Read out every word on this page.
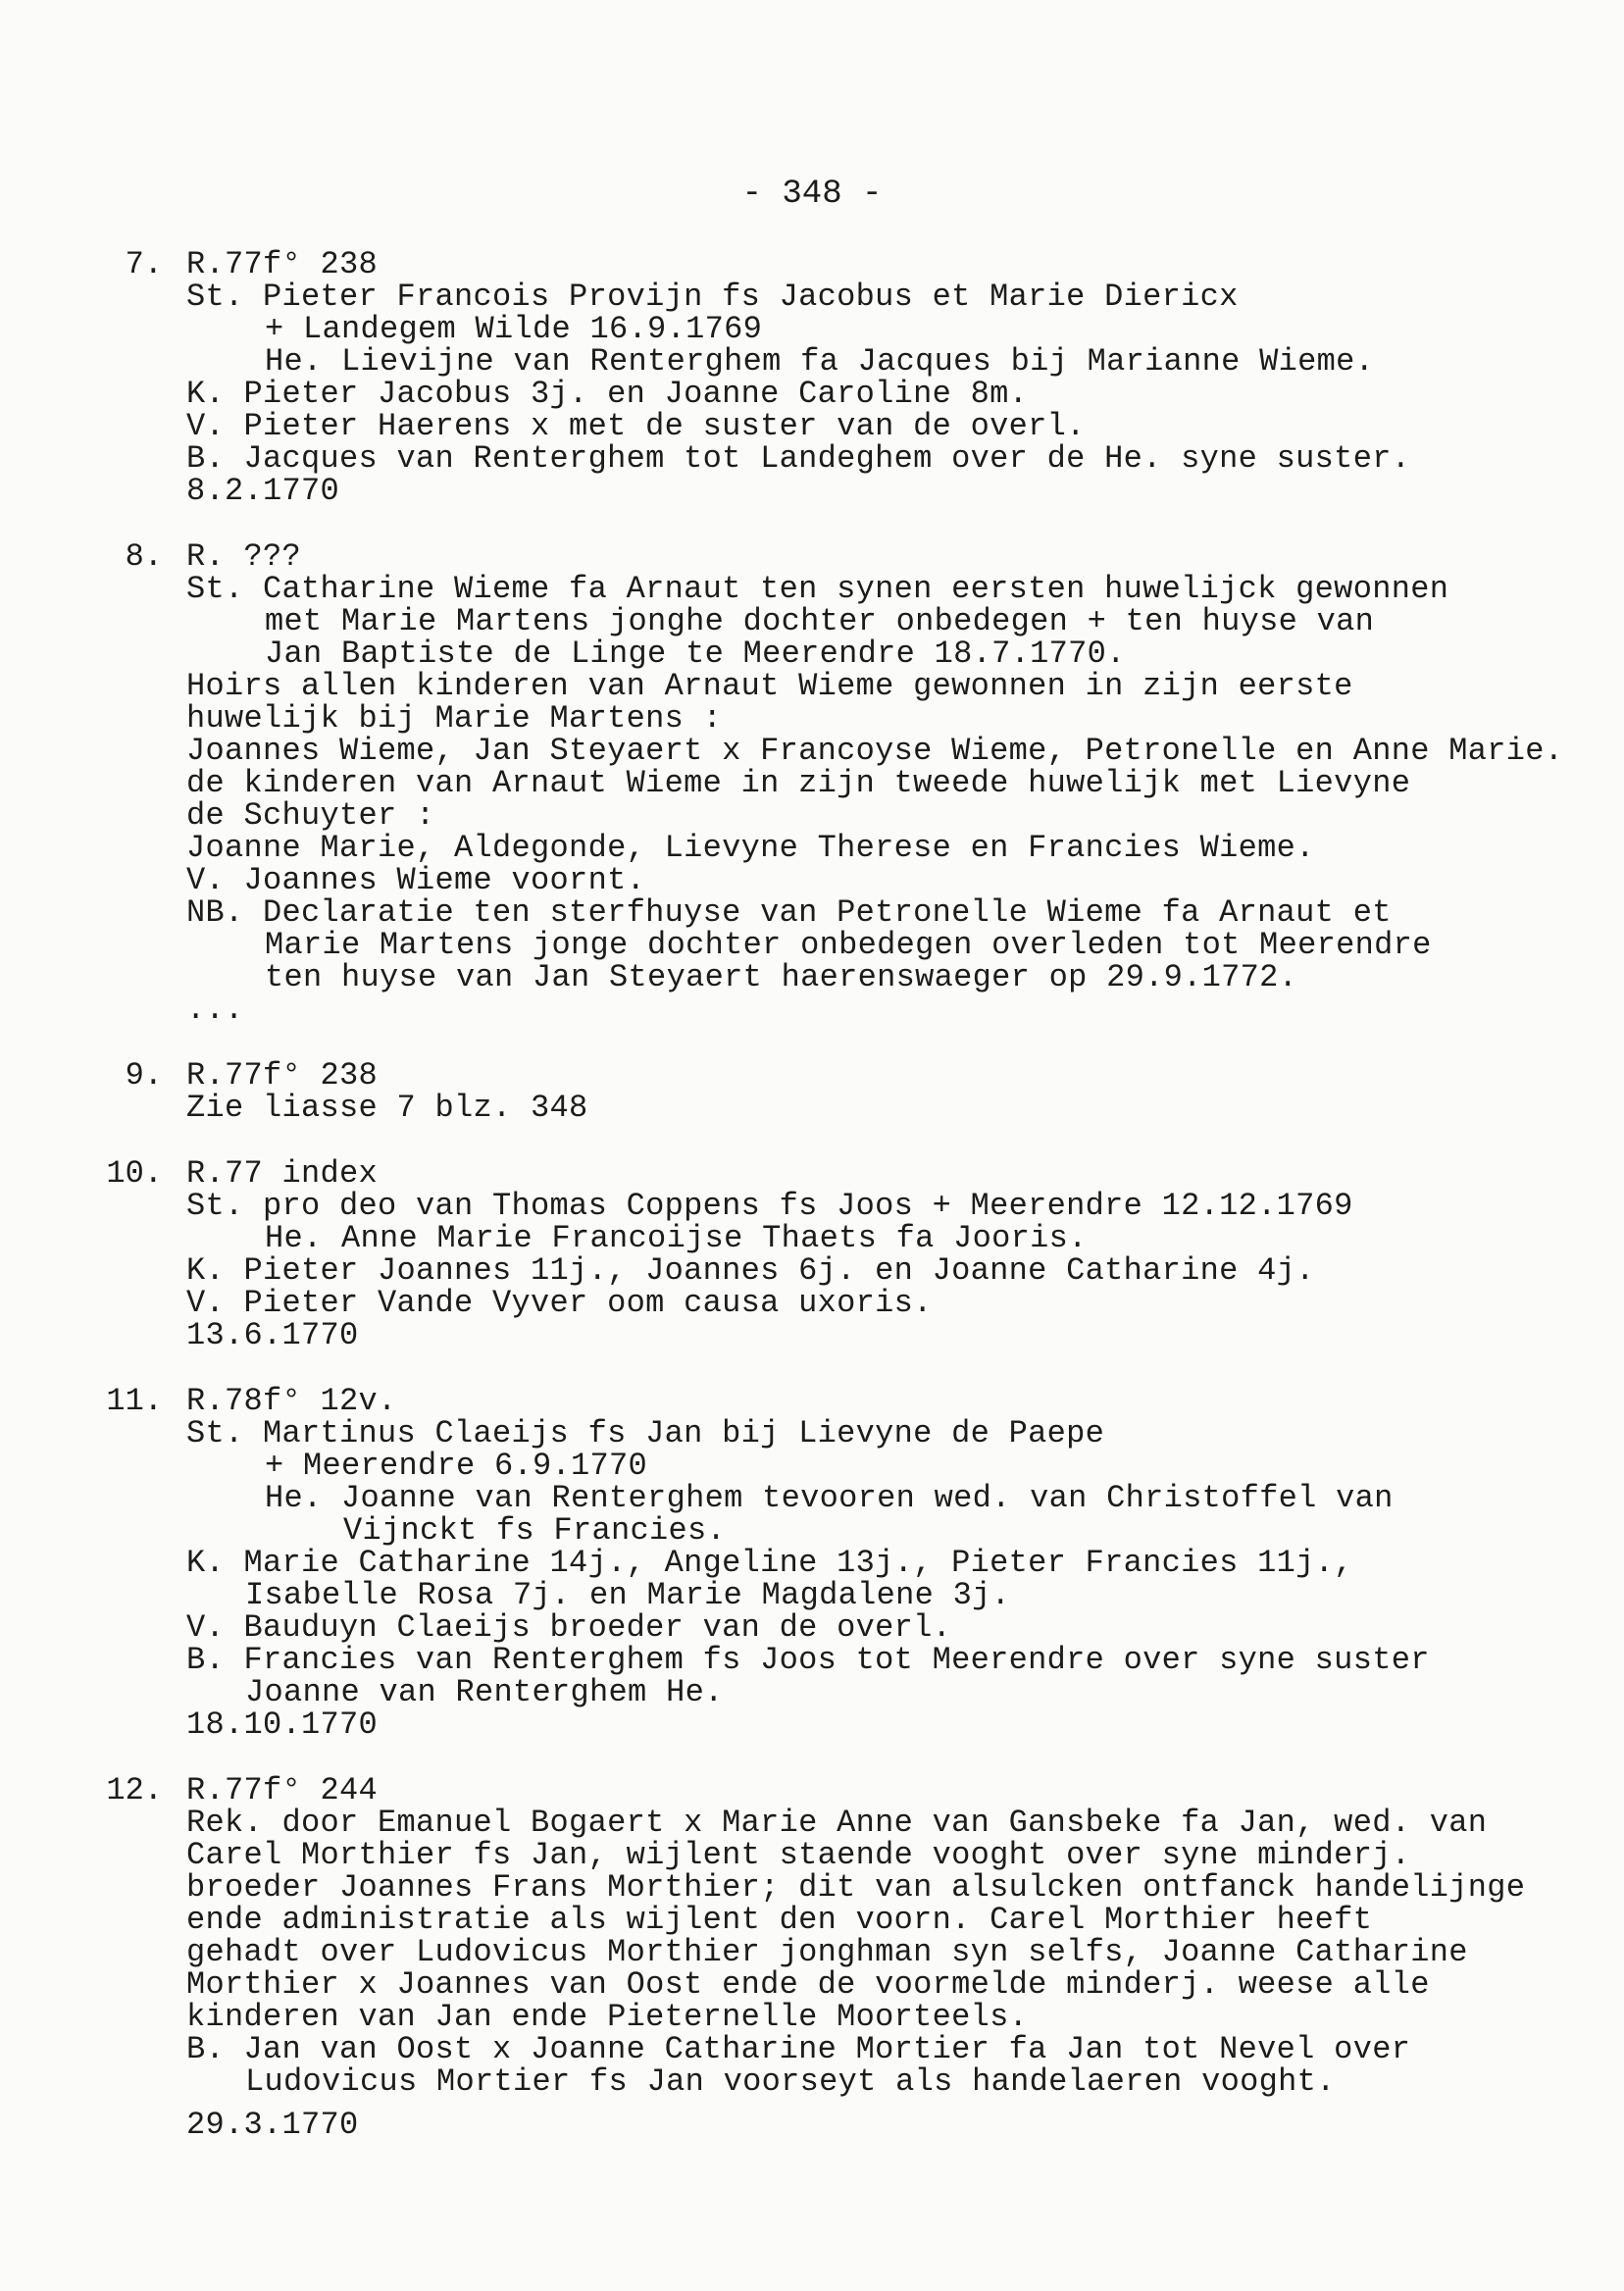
- 348 -
7. R.77f° 238
St. Pieter Francois Provijn fs Jacobus et Marie Diericx
+ Landegem Wilde 16.9.1769
He. Lievijne van Renterghem fa Jacques bij Marianne Wieme.
K. Pieter Jacobus 3j. en Joanne Caroline 8m.
V. Pieter Haerens x met de suster van de overl.
B. Jacques van Renterghem tot Landeghem over de He. syne suster.
8.2.1770
8. R. ???
St. Catharine Wieme fa Arnaut ten synen eersten huwelijck gewonnen
met Marie Martens jonghe dochter onbedegen + ten huyse van
Jan Baptiste de Linge te Meerendre 18.7.1770.
Hoirs allen kinderen van Arnaut Wieme gewonnen in zijn eerste
huwelijk bij Marie Martens :
Joannes Wieme, Jan Steyaert x Francoyse Wieme, Petronelle en Anne Marie.
de kinderen van Arnaut Wieme in zijn tweede huwelijk met Lievyne
de Schuyter :
Joanne Marie, Aldegonde, Lievyne Therese en Francies Wieme.
V. Joannes Wieme voornt.
NB. Declaratie ten sterfhuyse van Petronelle Wieme fa Arnaut et
Marie Martens jonge dochter onbedegen overleden tot Meerendre
ten huyse van Jan Steyaert haerenswaeger op 29.9.1772.
...
9. R.77f° 238
Zie liasse 7 blz. 348
10. R.77 index
St. pro deo van Thomas Coppens fs Joos + Meerendre 12.12.1769
He. Anne Marie Francoijse Thaets fa Jooris.
K. Pieter Joannes 11j., Joannes 6j. en Joanne Catharine 4j.
V. Pieter Vande Vyver oom causa uxoris.
13.6.1770
11. R.78f° 12v.
St. Martinus Claeijs fs Jan bij Lievyne de Paepe
+ Meerendre 6.9.1770
He. Joanne van Renterghem tevooren wed. van Christoffel van
Vijnckt fs Francies.
K. Marie Catharine 14j., Angeline 13j., Pieter Francies 11j.,
Isabelle Rosa 7j. en Marie Magdalene 3j.
V. Bauduyn Claeijs broeder van de overl.
B. Francies van Renterghem fs Joos tot Meerendre over syne suster
Joanne van Renterghem He.
18.10.1770
12. R.77f° 244
Rek. door Emanuel Bogaert x Marie Anne van Gansbeke fa Jan, wed. van
Carel Morthier fs Jan, wijlent staende vooght over syne minderj.
broeder Joannes Frans Morthier; dit van alsulcken ontfanck handelijnge
ende administratie als wijlent den voorn. Carel Morthier heeft
gehadt over Ludovicus Morthier jonghman syn selfs, Joanne Catharine
Morthier x Joannes van Oost ende de voormelde minderj. weese alle
kinderen van Jan ende Pieternelle Moorteels.
B. Jan van Oost x Joanne Catharine Mortier fa Jan tot Nevel over
Ludovicus Mortier fs Jan voorseyt als handelaeren vooght.
29.3.1770
